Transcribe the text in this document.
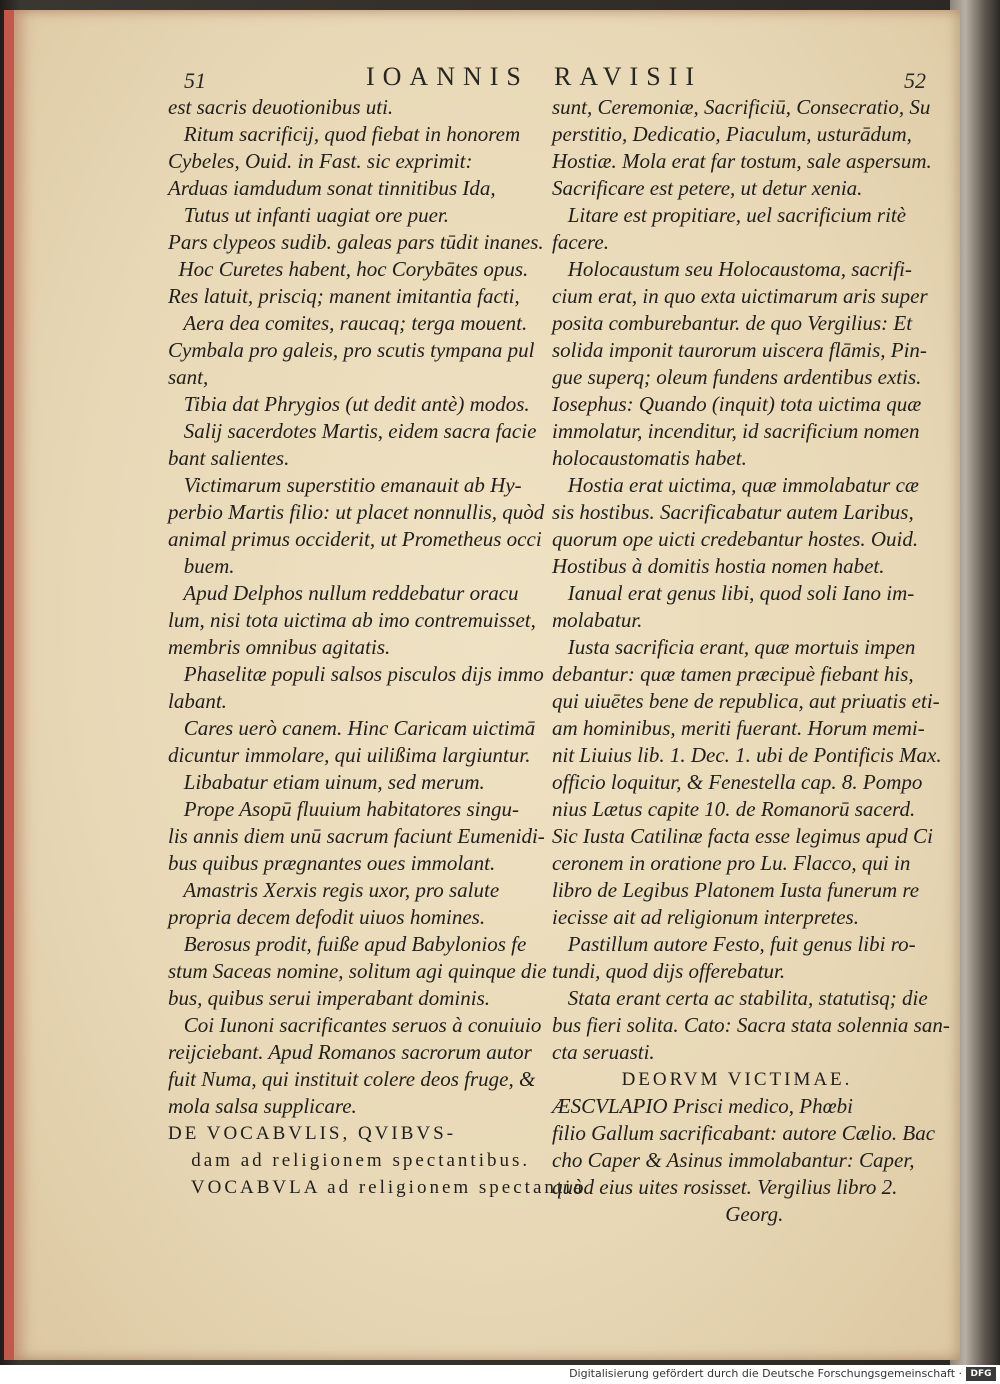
51	IOANNIS RAVISII	52
est sacris deuotionibus uti.
Ritum sacrificij, quod fiebat in honorem
Cybeles, Ouid. in Fast. sic exprimit:
Arduas iamdudum sonat tinnitibus Ida,
Tutus ut infanti uagiat ore puer.
Pars clypeos sudib. galeas pars tūdit inanes.
Hoc Curetes habent, hoc Corybātes opus.
Res latuit, prisciq; manent imitantia facti,
Aera dea comites, raucaq; terga mouent.
Cymbala pro galeis, pro scutis tympana pul
sant,
Tibia dat Phrygios (ut dedit antè) modos.
Salij sacerdotes Martis, eidem sacra facie
bant salientes.
Victimarum superstitio emanauit ab Hy-
perbio Martis filio: ut placet nonnullis, quòd
animal primus occiderit, ut Prometheus occi
buem.
Apud Delphos nullum reddebatur oracu
lum, nisi tota uictima ab imo contremuisset,
membris omnibus agitatis.
Phaselitæ populi salsos pisculos dijs immo
labant.
Cares uerò canem. Hinc Caricam uictimā
dicuntur immolare, qui uilißima largiuntur.
Libabatur etiam uinum, sed merum.
Prope Asopū fluuium habitatores singu-
lis annis diem unū sacrum faciunt Eumenidi-
bus quibus prægnantes oues immolant.
Amastris Xerxis regis uxor, pro salute
propria decem defodit uiuos homines.
Berosus prodit, fuiße apud Babylonios fe
stum Saceas nomine, solitum agi quinque die
bus, quibus serui imperabant dominis.
Coi Iunoni sacrificantes seruos à conuiuio
reijciebant. Apud Romanos sacrorum autor
fuit Numa, qui instituit colere deos fruge, &
mola salsa supplicare.
DE VOCABVLIS, QVIBVS-
dam ad religionem spectantibus.
VOCABVLA ad religionem spectantia
sunt, Ceremoniæ, Sacrificiū, Consecratio, Su
perstitio, Dedicatio, Piaculum, usturādum,
Hostiæ. Mola erat far tostum, sale aspersum.
Sacrificare est petere, ut detur xenia.
Litare est propitiare, uel sacrificium ritè
facere.
Holocaustum seu Holocaustoma, sacrifi-
cium erat, in quo exta uictimarum aris super
posita comburebantur. de quo Vergilius: Et
solida imponit taurorum uiscera flāmis, Pin-
gue superq; oleum fundens ardentibus extis.
Iosephus: Quando (inquit) tota uictima quæ
immolatur, incenditur, id sacrificium nomen
holocaustomatis habet.
Hostia erat uictima, quæ immolabatur cæ
sis hostibus. Sacrificabatur autem Laribus,
quorum ope uicti credebantur hostes. Ouid.
Hostibus à domitis hostia nomen habet.
Ianual erat genus libi, quod soli Iano im-
molabatur.
Iusta sacrificia erant, quæ mortuis impen
debantur: quæ tamen præcipuè fiebant his,
qui uiuētes bene de republica, aut priuatis eti-
am hominibus, meriti fuerant. Horum memi-
nit Liuius lib. 1. Dec. 1. ubi de Pontificis Max.
officio loquitur, & Fenestella cap. 8. Pompo
nius Lætus capite 10. de Romanorū sacerd.
Sic Iusta Catilinæ facta esse legimus apud Ci
ceronem in oratione pro Lu. Flacco, qui in
libro de Legibus Platonem Iusta funerum re
iecisse ait ad religionum interpretes.
Pastillum autore Festo, fuit genus libi ro-
tundi, quod dijs offerebatur.
Stata erant certa ac stabilita, statutisq; die
bus fieri solita. Cato: Sacra stata solennia san-
cta seruasti.
DEORVM VICTIMAE.
ÆSCVLAPIO Prisci medico, Phœbi
filio Gallum sacrificabant: autore Cælio. Bac
cho Caper & Asinus immolabantur: Caper,
quòd eius uites rosisset. Vergilius libro 2.
Georg.
Digitalisierung gefördert durch die Deutsche Forschungsgemeinschaft · DFG
